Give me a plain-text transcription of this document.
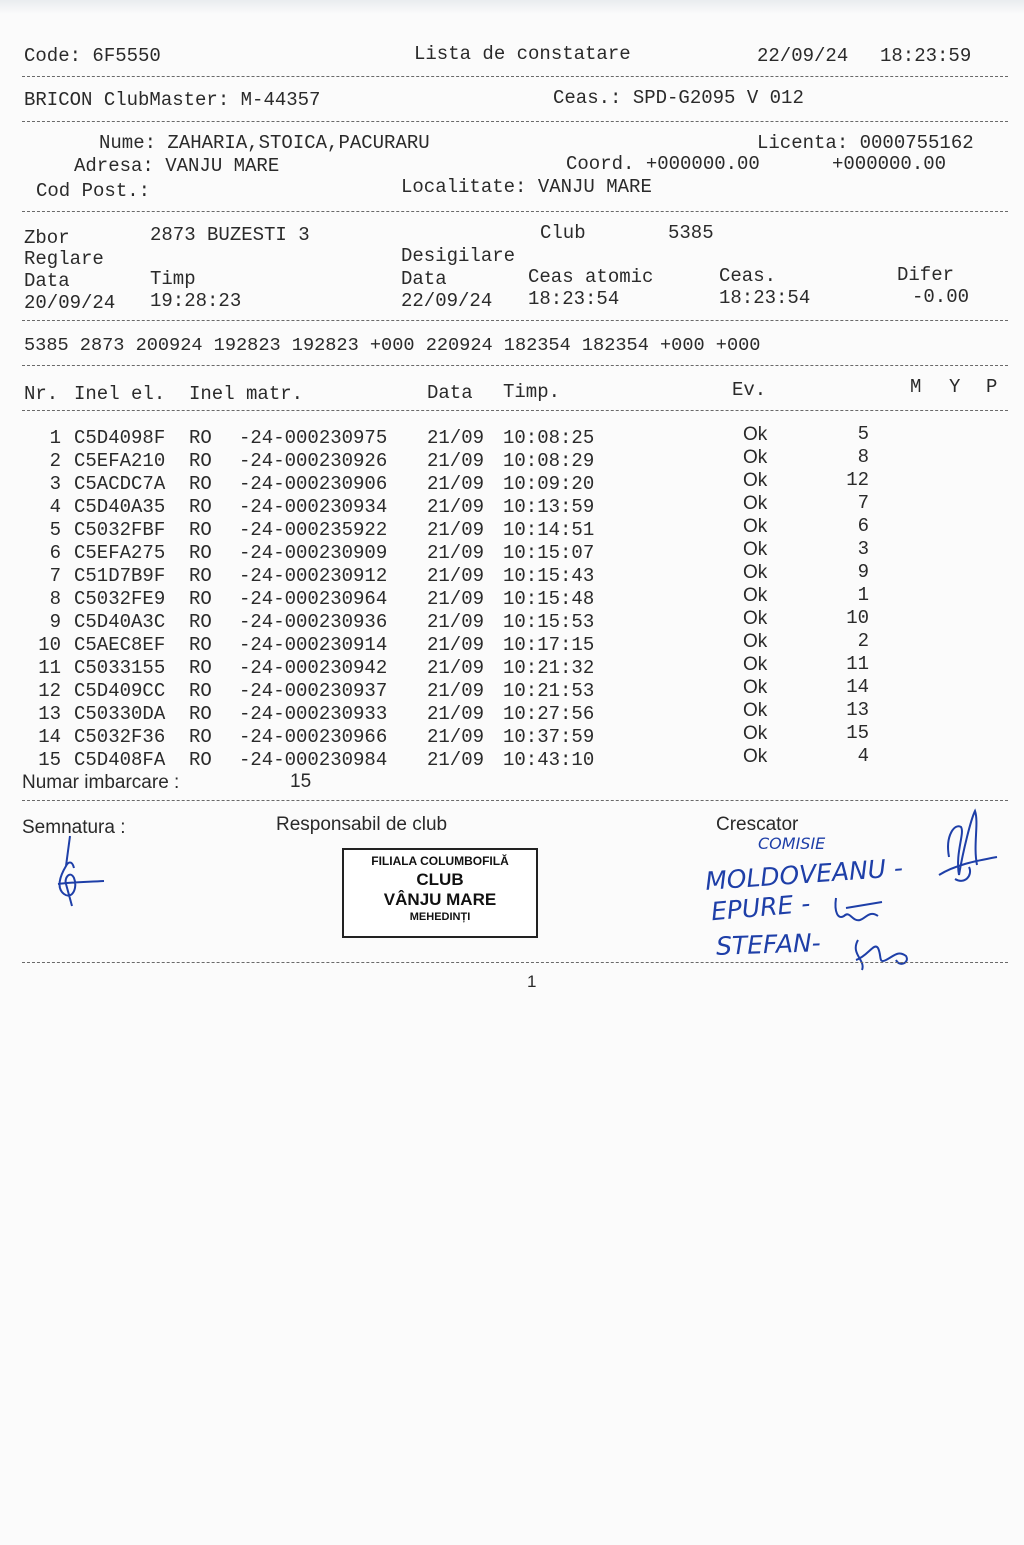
Code: 6F5550	Lista de constatare	22/09/24 18:23:59
BRICON ClubMaster: M-44357	Ceas.: SPD-G2095 V 012
Nume: ZAHARIA,STOICA,PACURARU	Licenta: 0000755162
Adresa: VANJU MARE	Coord. +000000.00	+000000.00
Cod Post.:	Localitate: VANJU MARE
Zbor	2873 BUZESTI 3	Club	5385
Reglare	Desigilare
Data	Timp	Data	Ceas atomic	Ceas.	Difer
20/09/24 19:28:23	22/09/24 18:23:54	18:23:54	-0.00
5385 2873 200924 192823 192823 +000 220924 182354 182354 +000 +000
Nr. Inel el. Inel matr.	Data Timp.	Ev.	M Y P
1 C5D4098F RO -24-000230975 21/09 10:08:25	Ok	5
2 C5EFA210 RO -24-000230926 21/09 10:08:29	Ok	8
3 C5ACDC7A RO -24-000230906 21/09 10:09:20	Ok	12
4 C5D40A35 RO -24-000230934 21/09 10:13:59	Ok	7
5 C5032FBF RO -24-000235922 21/09 10:14:51	Ok	6
6 C5EFA275 RO -24-000230909 21/09 10:15:07	Ok	3
7 C51D7B9F RO -24-000230912 21/09 10:15:43	Ok	9
8 C5032FE9 RO -24-000230964 21/09 10:15:48	Ok	1
9 C5D40A3C RO -24-000230936 21/09 10:15:53	Ok	10
10 C5AEC8EF RO -24-000230914 21/09 10:17:15	Ok	2
11 C5033155 RO -24-000230942 21/09 10:21:32	Ok	11
12 C5D409CC RO -24-000230937 21/09 10:21:53	Ok	14
13 C50330DA RO -24-000230933 21/09 10:27:56	Ok	13
14 C5032F36 RO -24-000230966 21/09 10:37:59	Ok	15
15 C5D408FA RO -24-000230984 21/09 10:43:10	Ok	4
Numar imbarcare :	15
Semnatura :	Responsabil de club	Crescator
FILIALA COLUMBOFILĂ
CLUB
VÂNJU MARE
MEHEDINȚI
COMISIE
MOLDOVEANU -
EPURE -
STEFAN-
1
